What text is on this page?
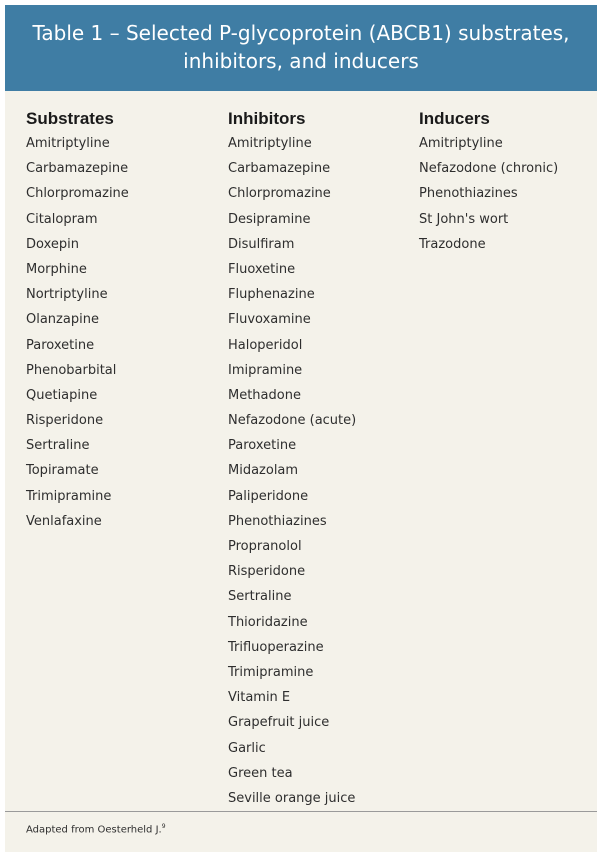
Table 1 – Selected P-glycoprotein (ABCB1) substrates,
inhibitors, and inducers
Substrates
Amitriptyline
Carbamazepine
Chlorpromazine
Citalopram
Doxepin
Morphine
Nortriptyline
Olanzapine
Paroxetine
Phenobarbital
Quetiapine
Risperidone
Sertraline
Topiramate
Trimipramine
Venlafaxine
Inhibitors
Amitriptyline
Carbamazepine
Chlorpromazine
Desipramine
Disulfiram
Fluoxetine
Fluphenazine
Fluvoxamine
Haloperidol
Imipramine
Methadone
Nefazodone (acute)
Paroxetine
Midazolam
Paliperidone
Phenothiazines
Propranolol
Risperidone
Sertraline
Thioridazine
Trifluoperazine
Trimipramine
Vitamin E
Grapefruit juice
Garlic
Green tea
Seville orange juice
Inducers
Amitriptyline
Nefazodone (chronic)
Phenothiazines
St John's wort
Trazodone
Adapted from Oesterheld J.$^9$
